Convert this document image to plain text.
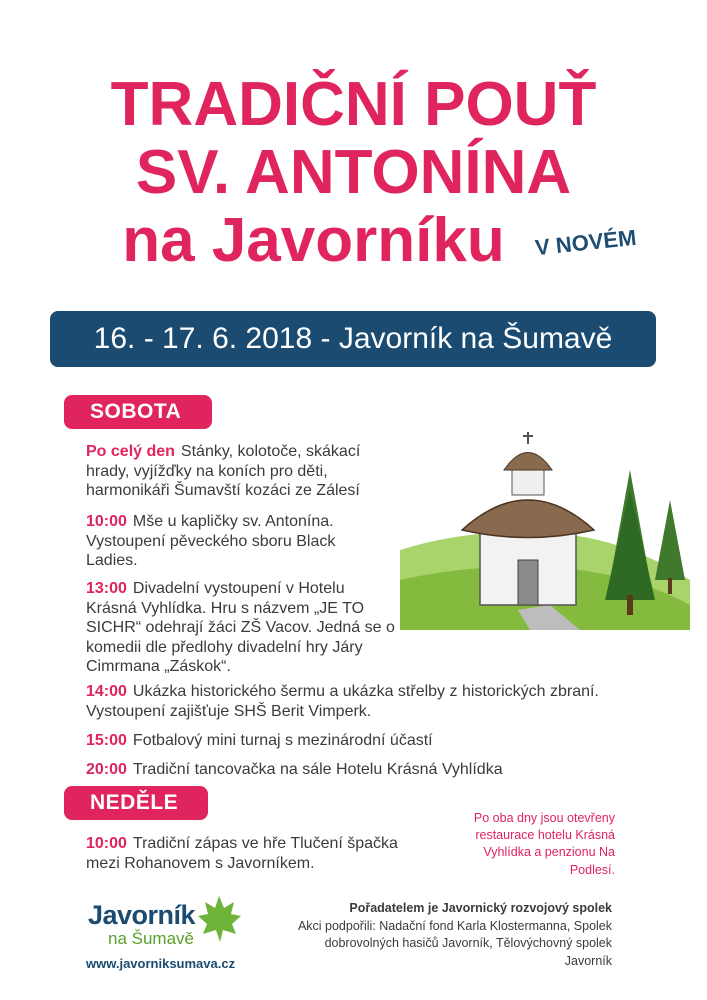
TRADIČNÍ POUŤ
SV. ANTONÍNA
na Javorníku	V NOVÉM
16. - 17. 6. 2018 - Javorník na Šumavě
SOBOTA
Po celý den Stánky, kolotoče, skákací hrady, vyjížďky na koních pro děti, harmonikáři Šumavští kozáci ze Zálesí
10:00 Mše u kapličky sv. Antonína. Vystoupení pěveckého sboru Black Ladies.
13:00 Divadelní vystoupení v Hotelu Krásná Vyhlídka. Hru s názvem „JE TO SICHR“ odehrají žáci ZŠ Vacov. Jedná se o komedii dle předlohy divadelní hry Járy Cimrmana „Záskok“.
14:00 Ukázka historického šermu a ukázka střelby z historických zbraní. Vystoupení zajišťuje SHŠ Berit Vimperk.
15:00 Fotbalový mini turnaj s mezinárodní účastí
20:00 Tradiční tancovačka na sále Hotelu Krásná Vyhlídka
NEDĚLE
10:00 Tradiční zápas ve hře Tlučení špačka mezi Rohanovem s Javorníkem.
Po oba dny jsou otevřeny restaurace hotelu Krásná Vyhlídka a penzionu Na Podlesí.
Javorník
na Šumavě
www.javorniksumava.cz
Pořadatelem je Javornický rozvojový spolek
Akci podpořili: Nadační fond Karla Klostermanna, Spolek dobrovolných hasičů Javorník, Tělovýchovný spolek Javorník
